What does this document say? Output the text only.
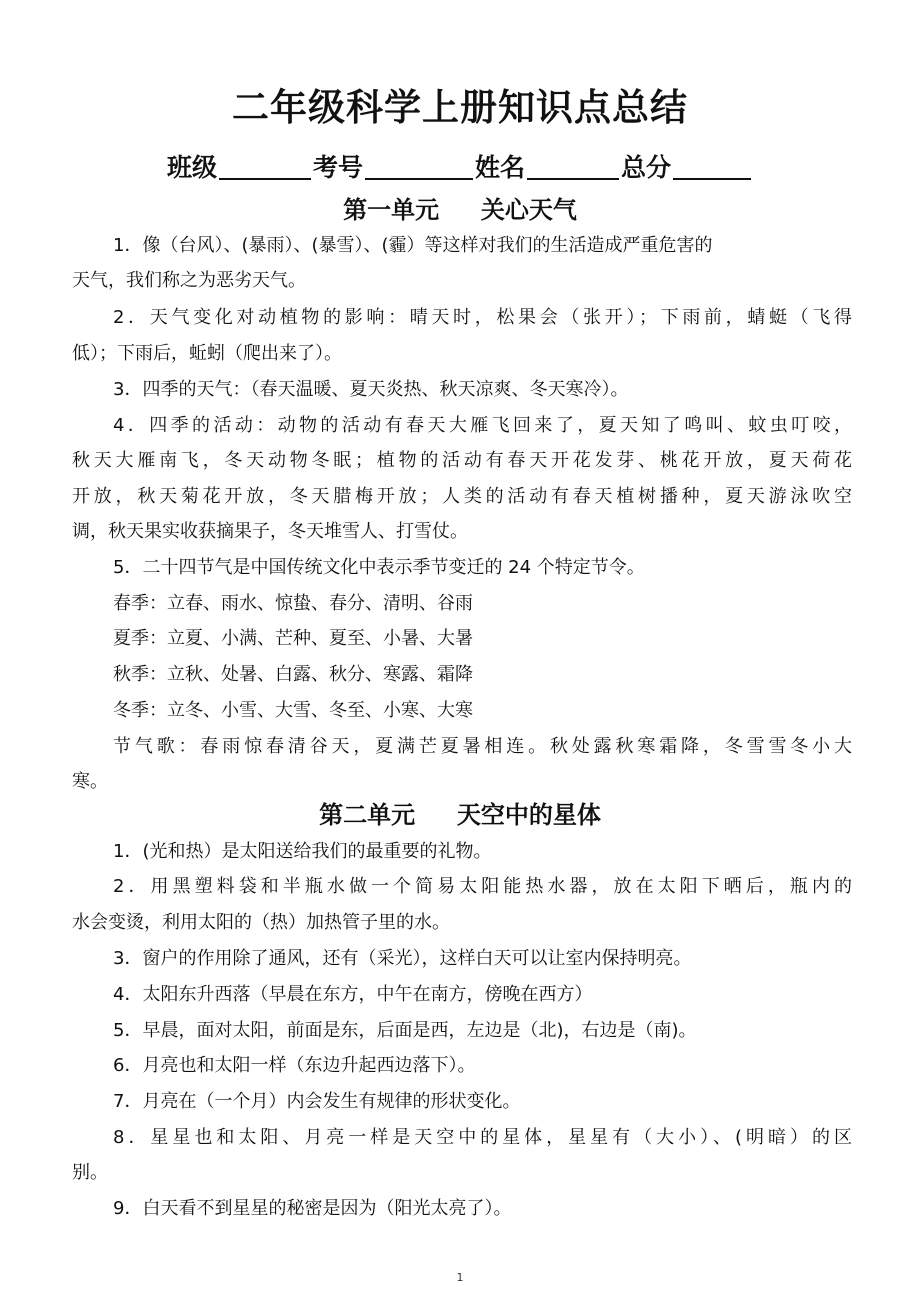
二年级科学上册知识点总结
班级	考号	姓名	总分
第一单元     关心天气
1．像（台风）、(暴雨）、(暴雪）、(霾）等这样对我们的生活造成严重危害的
天气，我们称之为恶劣天气。
2．天气变化对动植物的影响：晴天时，松果会（张开）；下雨前，蜻蜓（飞得
低）；下雨后，蚯蚓（爬出来了）。
3．四季的天气：（春天温暖、夏天炎热、秋天凉爽、冬天寒冷）。
4．四季的活动：动物的活动有春天大雁飞回来了，夏天知了鸣叫、蚊虫叮咬，
秋天大雁南飞，冬天动物冬眠；植物的活动有春天开花发芽、桃花开放，夏天荷花
开放，秋天菊花开放，冬天腊梅开放；人类的活动有春天植树播种，夏天游泳吹空
调，秋天果实收获摘果子，冬天堆雪人、打雪仗。
5．二十四节气是中国传统文化中表示季节变迁的 24 个特定节令。
春季：立春、雨水、惊蛰、春分、清明、谷雨
夏季：立夏、小满、芒种、夏至、小暑、大暑
秋季：立秋、处暑、白露、秋分、寒露、霜降
冬季：立冬、小雪、大雪、冬至、小寒、大寒
节气歌：春雨惊春清谷天，夏满芒夏暑相连。秋处露秋寒霜降，冬雪雪冬小大
寒。
第二单元     天空中的星体
1．(光和热）是太阳送给我们的最重要的礼物。
2．用黑塑料袋和半瓶水做一个简易太阳能热水器，放在太阳下晒后，瓶内的
水会变烫，利用太阳的（热）加热管子里的水。
3．窗户的作用除了通风，还有（采光），这样白天可以让室内保持明亮。
4．太阳东升西落（早晨在东方，中午在南方，傍晚在西方）
5．早晨，面对太阳，前面是东，后面是西，左边是（北)，右边是（南)。
6．月亮也和太阳一样（东边升起西边落下）。
7．月亮在（一个月）内会发生有规律的形状变化。
8．星星也和太阳、月亮一样是天空中的星体，星星有（大小）、(明暗）的区
别。
9．白天看不到星星的秘密是因为（阳光太亮了）。
1
